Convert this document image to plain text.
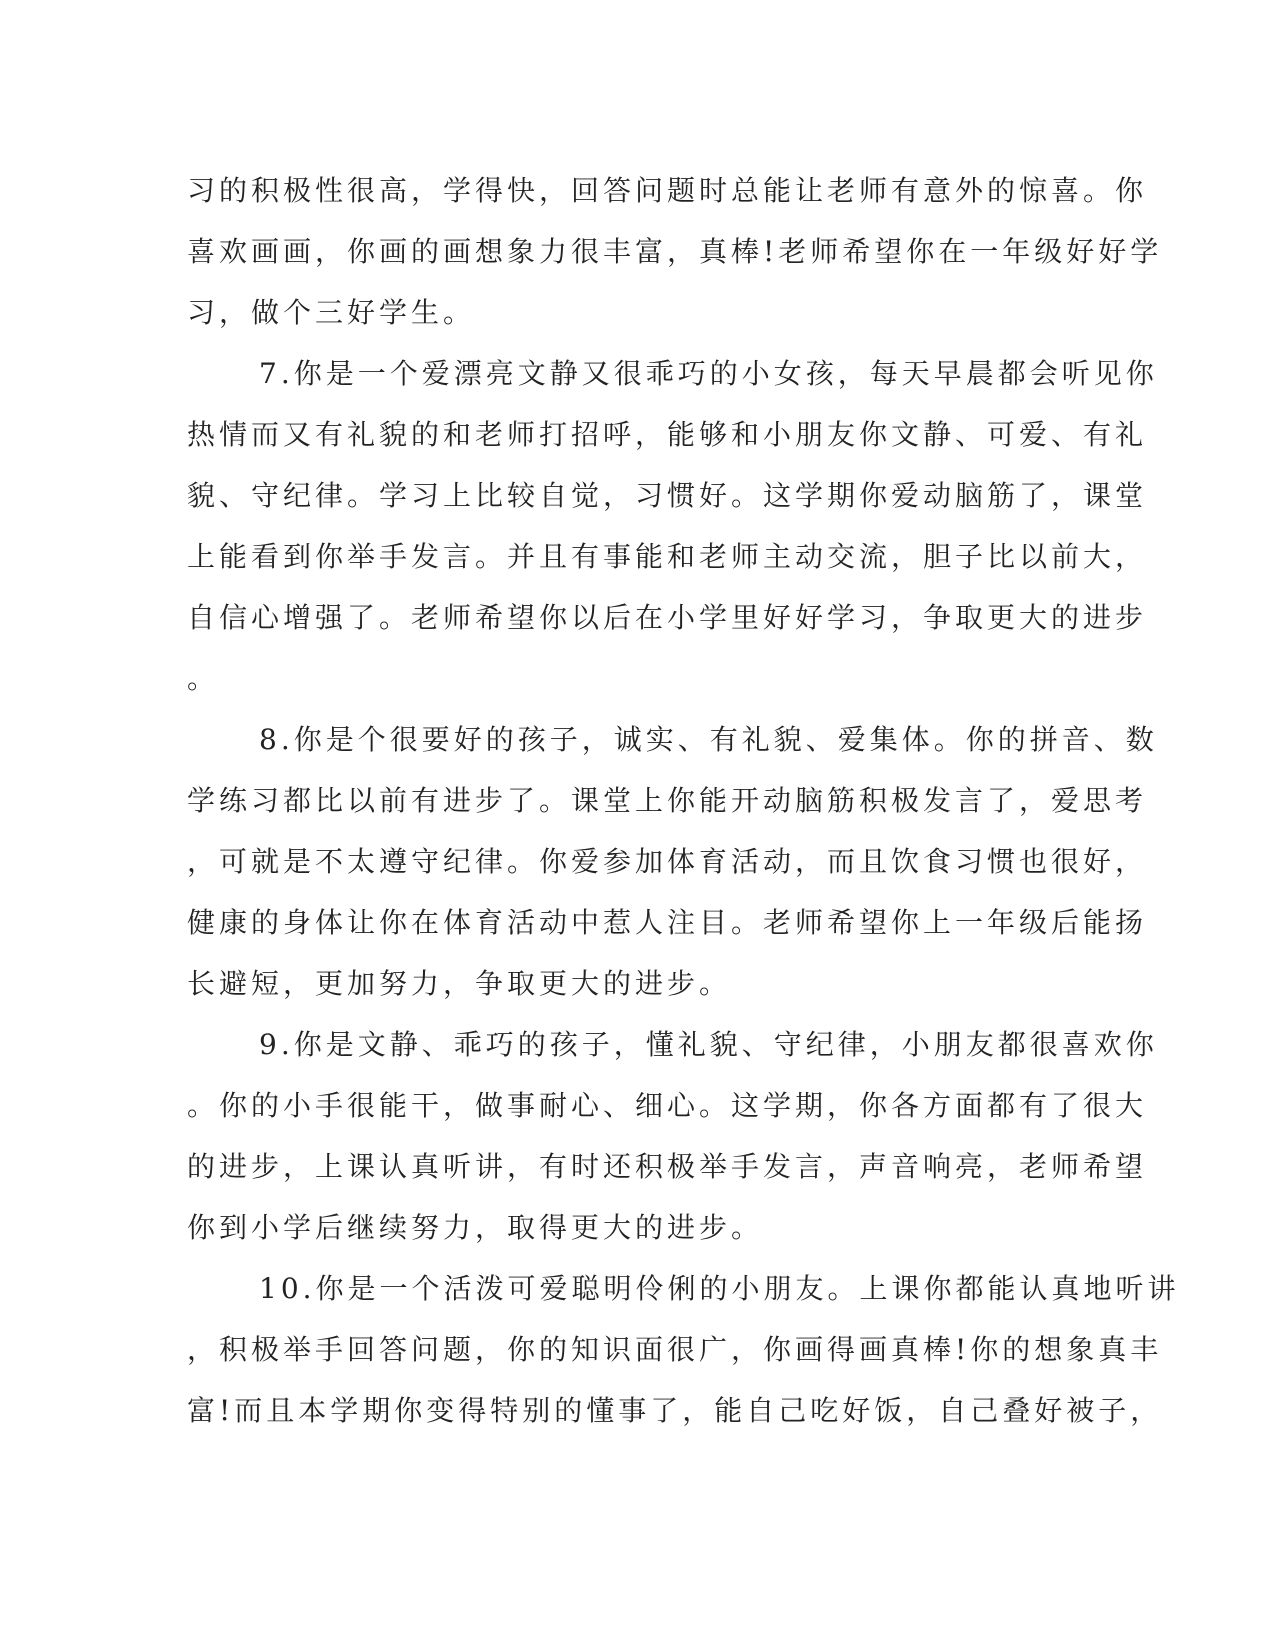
习的积极性很高，学得快，回答问题时总能让老师有意外的惊喜。你
喜欢画画，你画的画想象力很丰富，真棒!老师希望你在一年级好好学
习，做个三好学生。
7.你是一个爱漂亮文静又很乖巧的小女孩，每天早晨都会听见你
热情而又有礼貌的和老师打招呼，能够和小朋友你文静、可爱、有礼
貌、守纪律。学习上比较自觉，习惯好。这学期你爱动脑筋了，课堂
上能看到你举手发言。并且有事能和老师主动交流，胆子比以前大，
自信心增强了。老师希望你以后在小学里好好学习，争取更大的进步
。
8.你是个很要好的孩子，诚实、有礼貌、爱集体。你的拼音、数
学练习都比以前有进步了。课堂上你能开动脑筋积极发言了，爱思考
，可就是不太遵守纪律。你爱参加体育活动，而且饮食习惯也很好，
健康的身体让你在体育活动中惹人注目。老师希望你上一年级后能扬
长避短，更加努力，争取更大的进步。
9.你是文静、乖巧的孩子，懂礼貌、守纪律，小朋友都很喜欢你
。你的小手很能干，做事耐心、细心。这学期，你各方面都有了很大
的进步，上课认真听讲，有时还积极举手发言，声音响亮，老师希望
你到小学后继续努力，取得更大的进步。
10.你是一个活泼可爱聪明伶俐的小朋友。上课你都能认真地听讲
，积极举手回答问题，你的知识面很广，你画得画真棒!你的想象真丰
富!而且本学期你变得特别的懂事了，能自己吃好饭，自己叠好被子，
